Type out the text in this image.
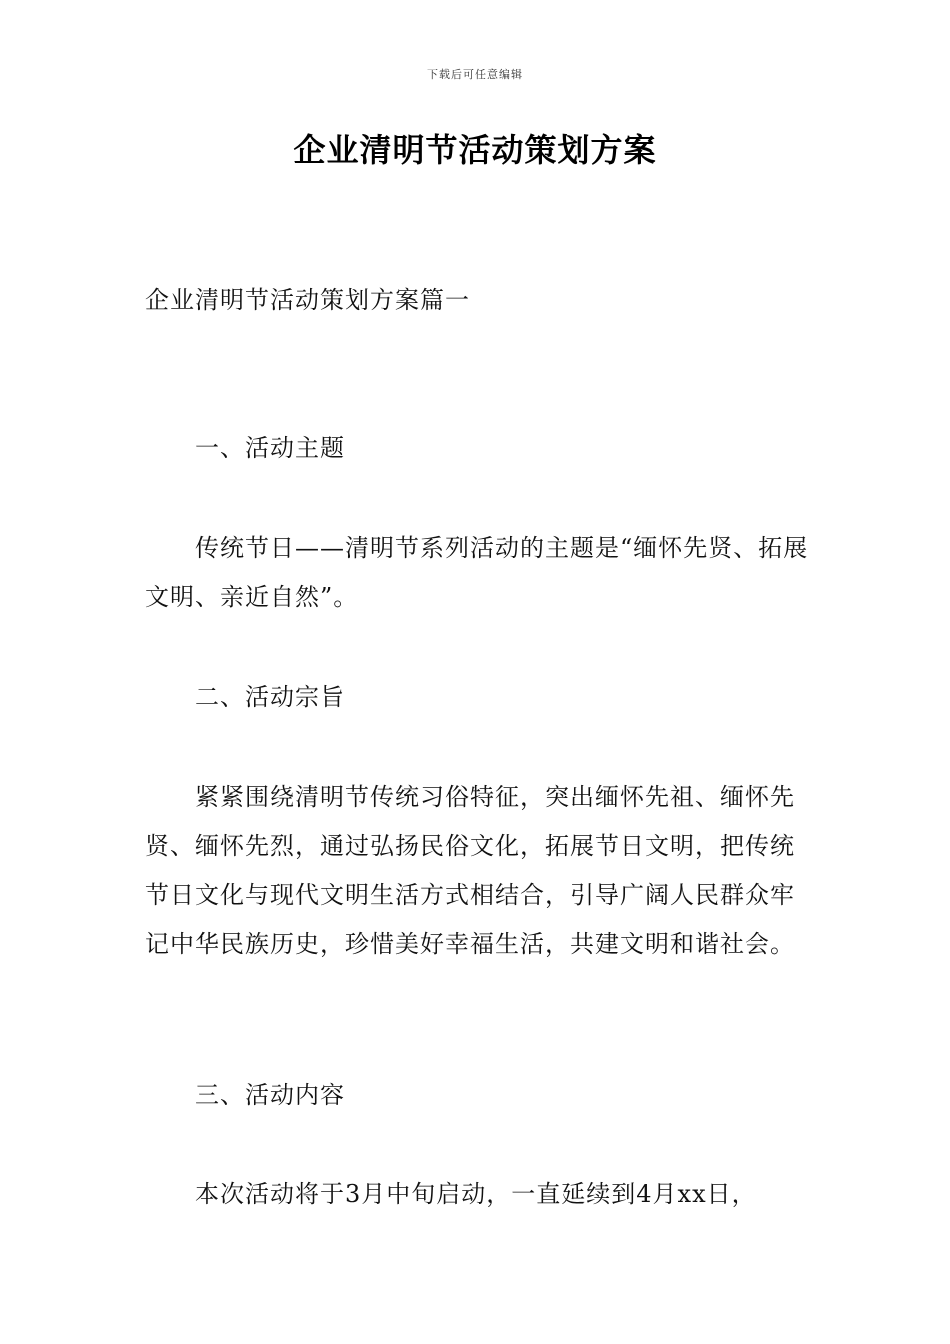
下载后可任意编辑
企业清明节活动策划方案
企业清明节活动策划方案篇一
一、活动主题
传统节日——清明节系列活动的主题是“缅怀先贤、拓展文明、亲近自然”。
二、活动宗旨
紧紧围绕清明节传统习俗特征，突出缅怀先祖、缅怀先贤、缅怀先烈，通过弘扬民俗文化，拓展节日文明，把传统节日文化与现代文明生活方式相结合，引导广阔人民群众牢记中华民族历史，珍惜美好幸福生活，共建文明和谐社会。
三、活动内容
本次活动将于3月中旬启动，一直延续到4月xx日，
